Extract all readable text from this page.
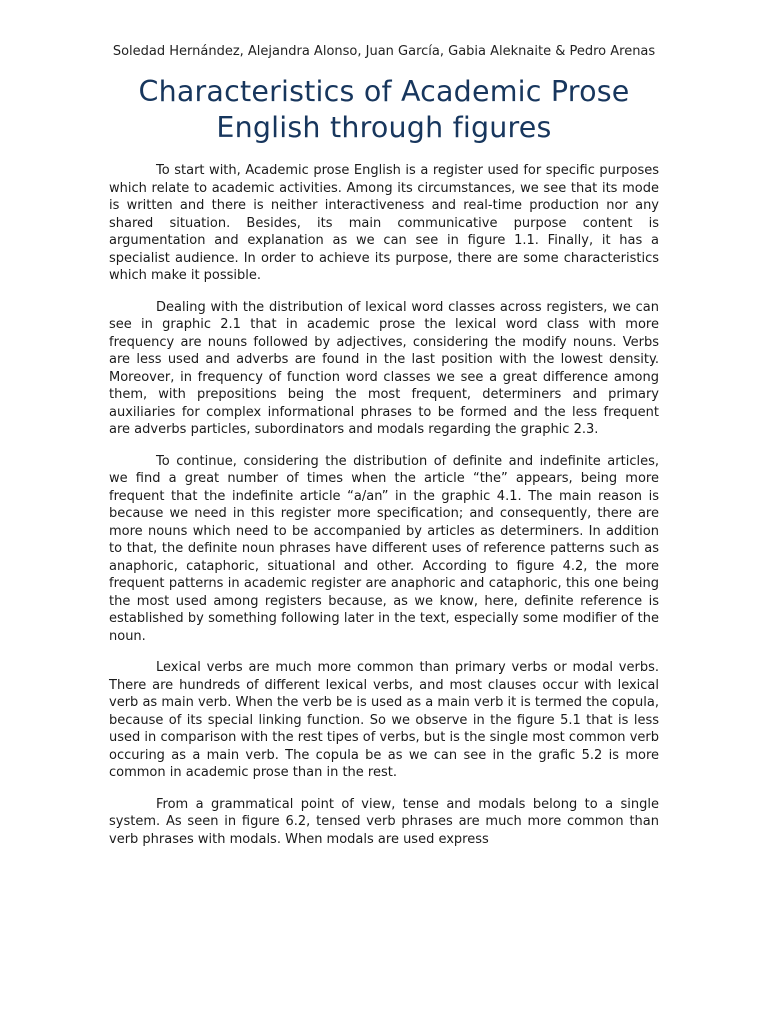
Soledad Hernández, Alejandra Alonso, Juan García, Gabia Aleknaite & Pedro Arenas

Characteristics of Academic Prose English through figures

To start with, Academic prose English is a register used for specific purposes which relate to academic activities. Among its circumstances, we see that its mode is written and there is neither interactiveness and real-time production nor any shared situation. Besides, its main communicative purpose content is argumentation and explanation as we can see in figure 1.1. Finally, it has a specialist audience. In order to achieve its purpose, there are some characteristics which make it possible.

Dealing with the distribution of lexical word classes across registers, we can see in graphic 2.1 that in academic prose the lexical word class with more frequency are nouns followed by adjectives, considering the modify nouns. Verbs are less used and adverbs are found in the last position with the lowest density. Moreover, in frequency of function word classes we see a great difference among them, with prepositions being the most frequent, determiners and primary auxiliaries for complex informational phrases to be formed and the less frequent are adverbs particles, subordinators and modals regarding the graphic 2.3.

To continue, considering the distribution of definite and indefinite articles, we find a great number of times when the article “the” appears, being more frequent that the indefinite article “a/an” in the graphic 4.1. The main reason is because we need in this register more specification; and consequently, there are more nouns which need to be accompanied by articles as determiners. In addition to that, the definite noun phrases have different uses of reference patterns such as anaphoric, cataphoric, situational and other. According to figure 4.2, the more frequent patterns in academic register are anaphoric and cataphoric, this one being the most used among registers because, as we know, here, definite reference is established by something following later in the text, especially some modifier of the noun.

Lexical verbs are much more common than primary verbs or modal verbs. There are hundreds of different lexical verbs, and most clauses occur with lexical verb as main verb. When the verb be is used as a main verb it is termed the copula, because of its special linking function. So we observe in the figure 5.1 that is less used in comparison with the rest tipes of verbs, but is the single most common verb occuring as a main verb. The copula be as we can see in the grafic 5.2 is more common in academic prose than in the rest.

From a grammatical point of view, tense and modals belong to a single system. As seen in figure 6.2, tensed verb phrases are much more common than verb phrases with modals. When modals are used express
